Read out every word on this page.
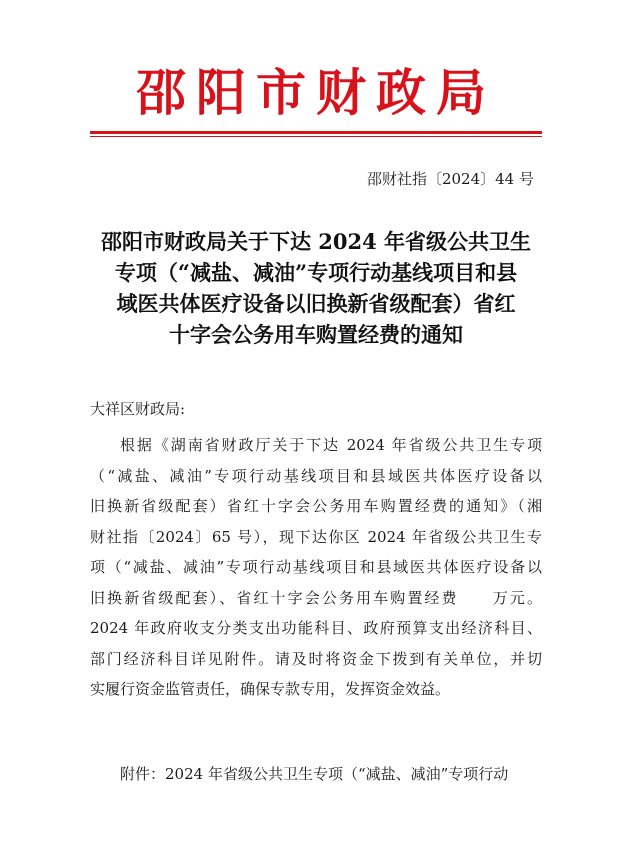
邵阳市财政局
邵财社指〔2024〕44 号
邵阳市财政局关于下达 2024 年省级公共卫生
专项（“减盐、减油”专项行动基线项目和县
域医共体医疗设备以旧换新省级配套）省红
十字会公务用车购置经费的通知
大祥区财政局:
根据《湖南省财政厅关于下达 2024 年省级公共卫生专项
（“减盐、减油”专项行动基线项目和县域医共体医疗设备以
旧换新省级配套）省红十字会公务用车购置经费的通知》（湘
财社指〔2024〕65 号），现下达你区 2024 年省级公共卫生专
项（“减盐、减油”专项行动基线项目和县域医共体医疗设备以
旧换新省级配套）、省红十字会公务用车购置经费　　万元。
2024 年政府收支分类支出功能科目、政府预算支出经济科目、
部门经济科目详见附件。请及时将资金下拨到有关单位，并切
实履行资金监管责任，确保专款专用，发挥资金效益。
附件：2024 年省级公共卫生专项（“减盐、减油”专项行动
